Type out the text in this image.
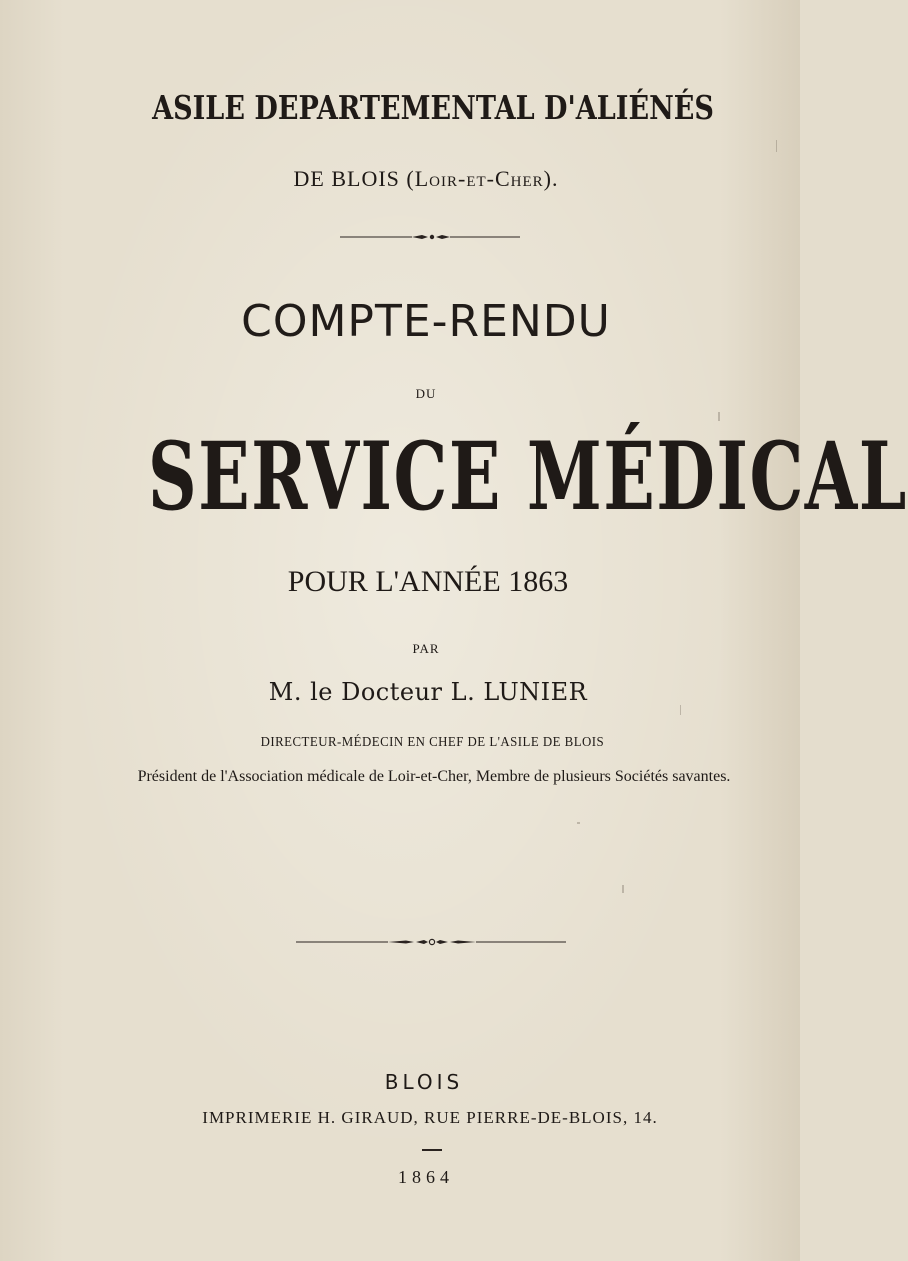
ASILE DEPARTEMENTAL D'ALIÉNÉS
DE BLOIS (Loir-et-Cher).
COMPTE-RENDU
DU
SERVICE MÉDICAL
POUR L'ANNÉE 1863
PAR
M. le Docteur L. LUNIER
DIRECTEUR-MÉDECIN EN CHEF DE L'ASILE DE BLOIS
Président de l'Association médicale de Loir-et-Cher, Membre de plusieurs Sociétés savantes.
BLOIS
IMPRIMERIE H. GIRAUD, RUE PIERRE-DE-BLOIS, 14.
1864
